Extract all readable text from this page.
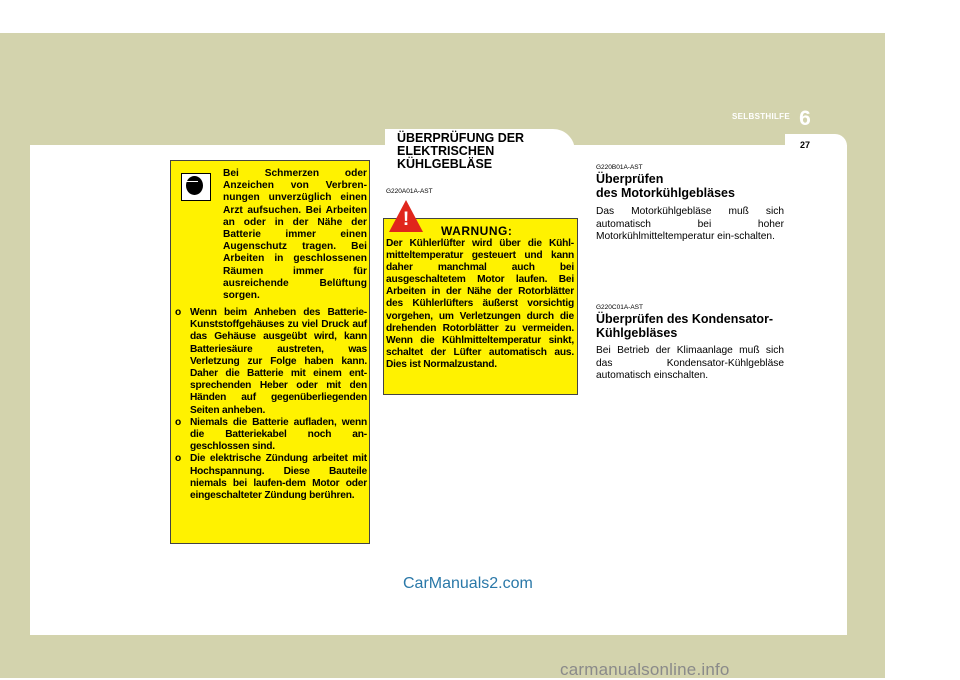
SELBSTHILFE 6
27
Bei Schmerzen oder Anzeichen von Verbren-nungen unverzüglich einen Arzt aufsuchen. Bei Arbeiten an oder in der Nähe der Batterie immer einen Augenschutz tragen. Bei Arbeiten in geschlossenen Räumen immer für ausreichende Belüftung sorgen.
o Wenn beim Anheben des Batterie-Kunststoffgehäuses zu viel Druck auf das Gehäuse ausgeübt wird, kann Batteriesäure austreten, was Verletzung zur Folge haben kann. Daher die Batterie mit einem ent-sprechenden Heber oder mit den Händen auf gegenüberliegenden Seiten anheben.
o Niemals die Batterie aufladen, wenn die Batteriekabel noch an-geschlossen sind.
o Die elektrische Zündung arbeitet mit Hochspannung. Diese Bauteile niemals bei laufen-dem Motor oder eingeschalteter Zündung berühren.
ÜBERPRÜFUNG DER
ELEKTRISCHEN
KÜHLGEBLÄSE
G220A01A-AST
!
WARNUNG:
Der Kühlerlüfter wird über die Kühl-mitteltemperatur gesteuert und kann daher manchmal auch bei ausgeschaltetem Motor laufen. Bei Arbeiten in der Nähe der Rotorblätter des Kühlerlüfters äußerst vorsichtig vorgehen, um Verletzungen durch die drehenden Rotorblätter zu vermeiden. Wenn die Kühlmitteltemperatur sinkt, schaltet der Lüfter automatisch aus. Dies ist Normalzustand.
G220B01A-AST
Überprüfen
des Motorkühlgebläses
Das Motorkühlgebläse muß sich automatisch bei hoher Motorkühlmitteltemperatur ein-schalten.
G220C01A-AST
Überprüfen des Kondensator-
Kühlgebläses
Bei Betrieb der Klimaanlage muß sich das Kondensator-Kühlgebläse automatisch einschalten.
CarManuals2.com
carmanualsonline.info
